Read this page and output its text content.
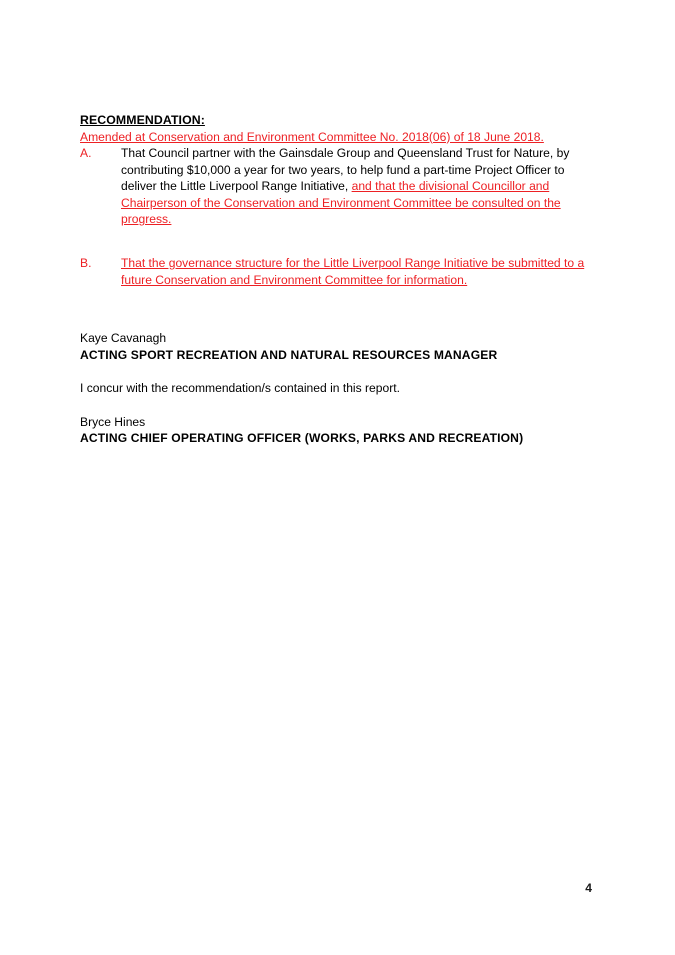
RECOMMENDATION:

Amended at Conservation and Environment Committee No. 2018(06) of 18 June 2018.

A.	That Council partner with the Gainsdale Group and Queensland Trust for Nature, by contributing $10,000 a year for two years, to help fund a part-time Project Officer to deliver the Little Liverpool Range Initiative, and that the divisional Councillor and Chairperson of the Conservation and Environment Committee be consulted on the progress.
B.	That the governance structure for the Little Liverpool Range Initiative be submitted to a future Conservation and Environment Committee for information.

Kaye Cavanagh

ACTING SPORT RECREATION AND NATURAL RESOURCES MANAGER

I concur with the recommendation/s contained in this report.

Bryce Hines

ACTING CHIEF OPERATING OFFICER (WORKS, PARKS AND RECREATION)

4
